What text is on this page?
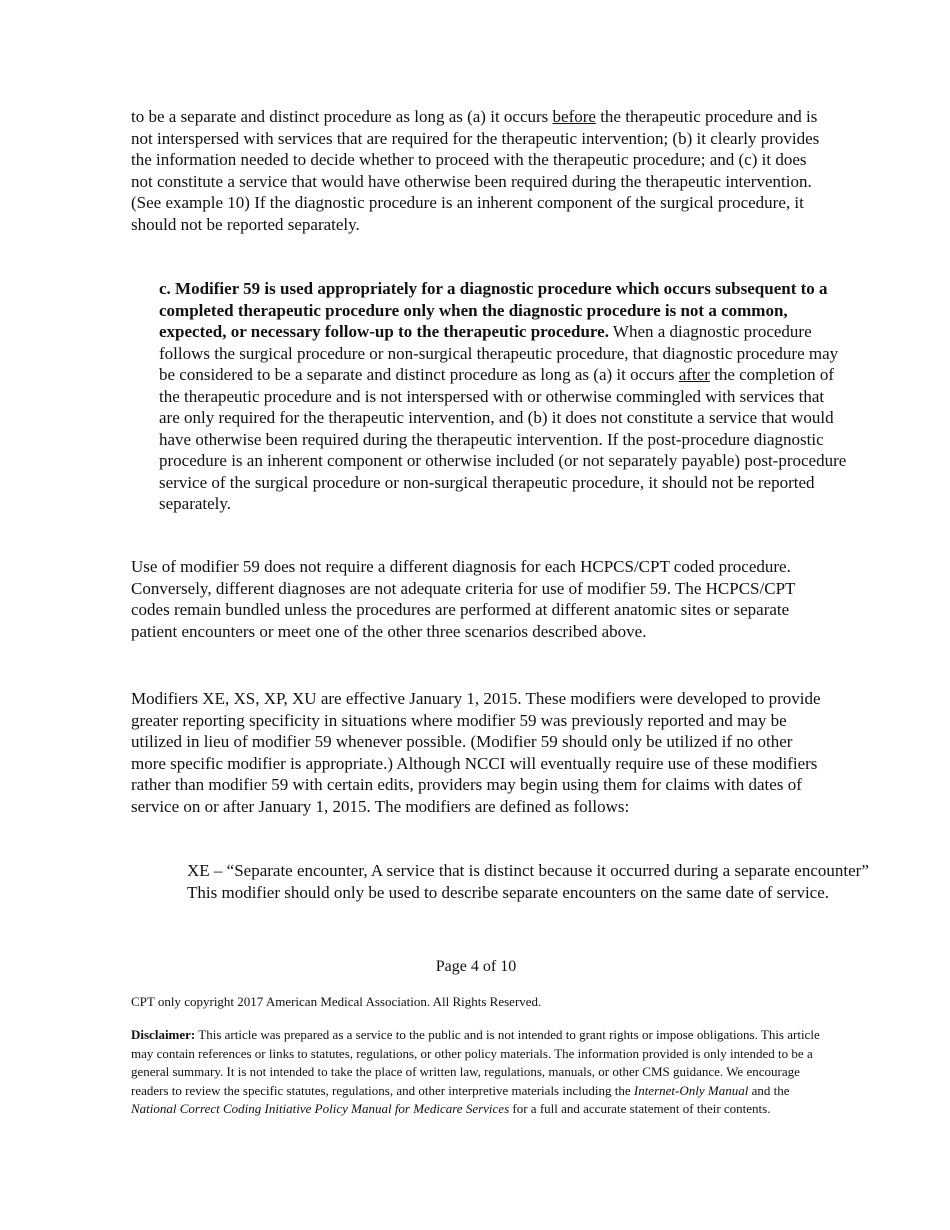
to be a separate and distinct procedure as long as (a) it occurs before the therapeutic procedure and is not interspersed with services that are required for the therapeutic intervention; (b) it clearly provides the information needed to decide whether to proceed with the therapeutic procedure; and (c) it does not constitute a service that would have otherwise been required during the therapeutic intervention. (See example 10) If the diagnostic procedure is an inherent component of the surgical procedure, it should not be reported separately.

c. Modifier 59 is used appropriately for a diagnostic procedure which occurs subsequent to a completed therapeutic procedure only when the diagnostic procedure is not a common, expected, or necessary follow-up to the therapeutic procedure. When a diagnostic procedure follows the surgical procedure or non-surgical therapeutic procedure, that diagnostic procedure may be considered to be a separate and distinct procedure as long as (a) it occurs after the completion of the therapeutic procedure and is not interspersed with or otherwise commingled with services that are only required for the therapeutic intervention, and (b) it does not constitute a service that would have otherwise been required during the therapeutic intervention. If the post-procedure diagnostic procedure is an inherent component or otherwise included (or not separately payable) post-procedure service of the surgical procedure or non-surgical therapeutic procedure, it should not be reported separately.

Use of modifier 59 does not require a different diagnosis for each HCPCS/CPT coded procedure. Conversely, different diagnoses are not adequate criteria for use of modifier 59. The HCPCS/CPT codes remain bundled unless the procedures are performed at different anatomic sites or separate patient encounters or meet one of the other three scenarios described above.

Modifiers XE, XS, XP, XU are effective January 1, 2015. These modifiers were developed to provide greater reporting specificity in situations where modifier 59 was previously reported and may be utilized in lieu of modifier 59 whenever possible. (Modifier 59 should only be utilized if no other more specific modifier is appropriate.) Although NCCI will eventually require use of these modifiers rather than modifier 59 with certain edits, providers may begin using them for claims with dates of service on or after January 1, 2015. The modifiers are defined as follows:

XE – “Separate encounter, A service that is distinct because it occurred during a separate encounter” This modifier should only be used to describe separate encounters on the same date of service.

Page 4 of 10
CPT only copyright 2017 American Medical Association. All Rights Reserved.
Disclaimer: This article was prepared as a service to the public and is not intended to grant rights or impose obligations. This article may contain references or links to statutes, regulations, or other policy materials. The information provided is only intended to be a general summary. It is not intended to take the place of written law, regulations, manuals, or other CMS guidance. We encourage readers to review the specific statutes, regulations, and other interpretive materials including the Internet-Only Manual and the National Correct Coding Initiative Policy Manual for Medicare Services for a full and accurate statement of their contents.
